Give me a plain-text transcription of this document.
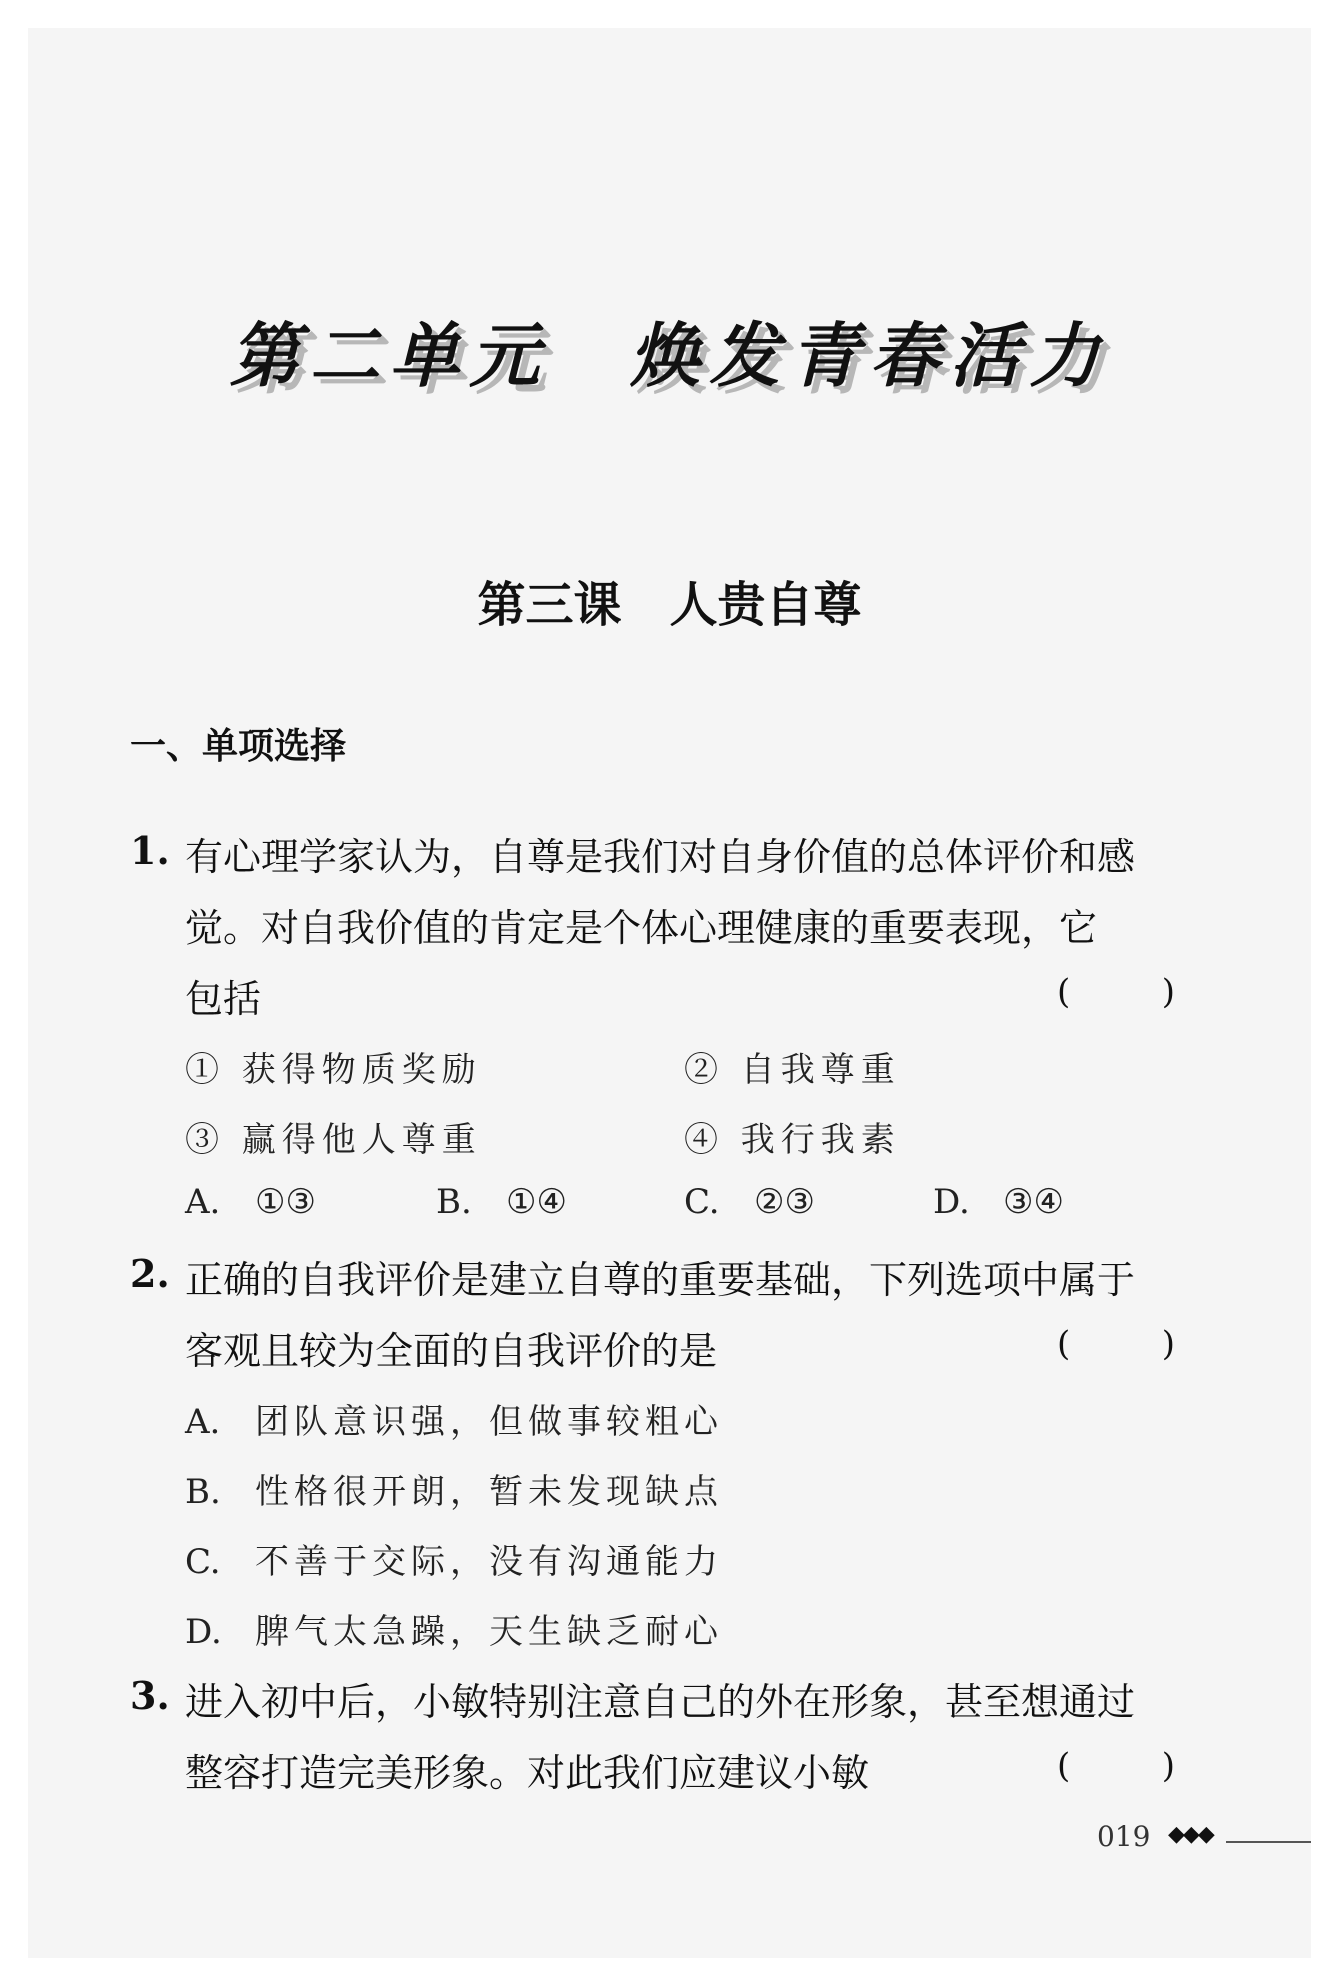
第二单元　焕发青春活力
第三课　人贵自尊
一、单项选择
1. 有心理学家认为，自尊是我们对自身价值的总体评价和感
觉。对自我价值的肯定是个体心理健康的重要表现，它
包括	(	)
① 获得物质奖励	② 自我尊重
③ 赢得他人尊重	④ 我行我素
A. ①③	B. ①④	C. ②③	D. ③④
2. 正确的自我评价是建立自尊的重要基础，下列选项中属于
客观且较为全面的自我评价的是	(	)
A. 团队意识强，但做事较粗心
B. 性格很开朗，暂未发现缺点
C. 不善于交际，没有沟通能力
D. 脾气太急躁，天生缺乏耐心
3. 进入初中后，小敏特别注意自己的外在形象，甚至想通过
整容打造完美形象。对此我们应建议小敏	(	)
019 ◆◆◆
